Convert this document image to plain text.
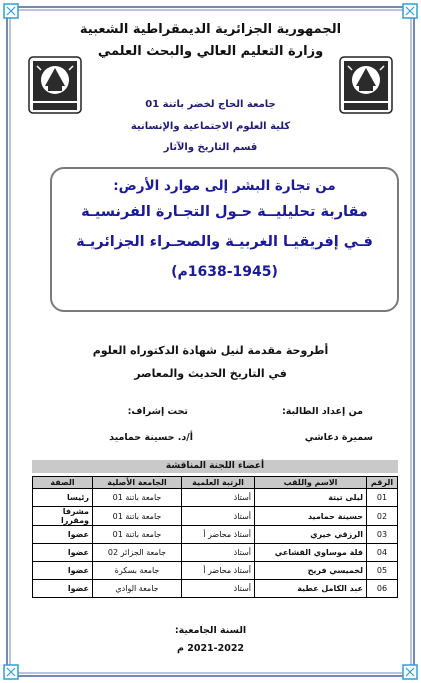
الجمهورية الجزائرية الديمقراطية الشعبية
وزارة التعليم العالي والبحث العلمي
جامعة الحاج لخضر باتنة 01
كلية العلوم الاجتماعية والإنسانية
قسم التاريخ والآثار
من تجارة البشر إلى موارد الأرض:
مقاربة تحليليــة حـول التجـارة الفرنسيـة
فـي إفريقيـا الغربيـة والصحـراء الجزائريـة
(1638-1945م)
أطروحة مقدمة لنيل شهادة الدكتوراه العلوم
في التاريخ الحديث والمعاصر
من إعداد الطالبة:
تحت إشراف:
سميرة دعاشي
أ/د. حسينة حماميد
أعضاء اللجنة المناقشة
الرقم	الاسم واللقب	الرتبة العلمية	الجامعة الأصلية	الصفة
01	ليلى تيتة	أستاذ	جامعة باتنة 01	رئيسا
02	حسينة حماميد	أستاذ	جامعة باتنة 01	مشرفا ومقررا
03	الرزقي خيري	أستاذ محاضر أ	جامعة باتنة 01	عضوا
04	فلة موساوي القشاعي	أستاذ	جامعة الجزائر 02	عضوا
05	لخميسي فريح	أستاذ محاضر أ	جامعة بسكرة	عضوا
06	عبد الكامل عطية	أستاذ	جامعة الوادي	عضوا
السنة الجامعية:
2021-2022 م
